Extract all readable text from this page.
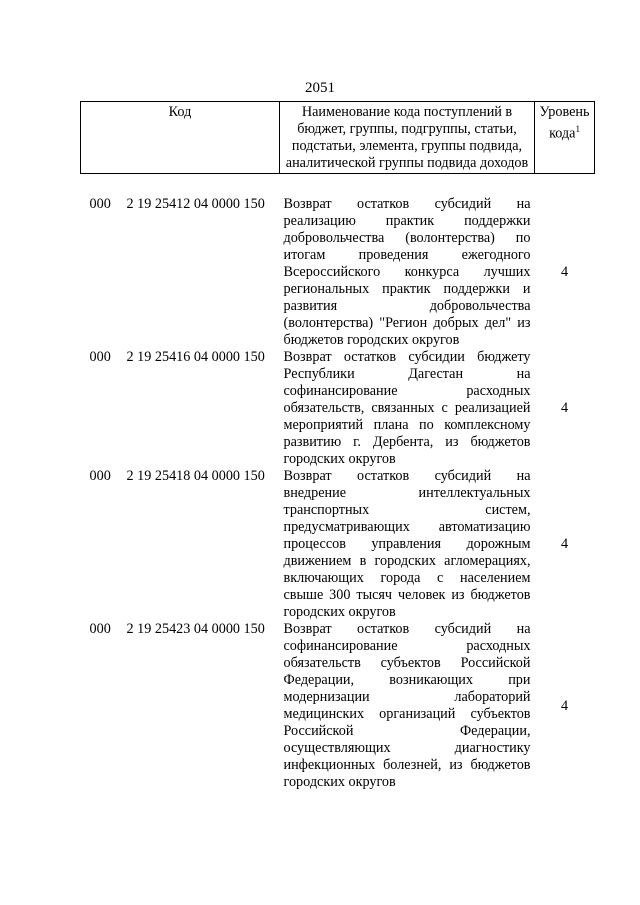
2051
Код	Наименование кода поступлений в бюджет, группы, подгруппы, статьи, подстатьи, элемента, группы подвида, аналитической группы подвида доходов	Уровень кода$^1$

000 2 19 25412 04 0000 150	Возврат остатков субсидий на реализацию практик поддержки добровольчества (волонтерства) по итогам проведения ежегодного Всероссийского конкурса лучших региональных практик поддержки и развития добровольчества (волонтерства) "Регион добрых дел" из бюджетов городских округов	4
000 2 19 25416 04 0000 150	Возврат остатков субсидии бюджету Республики Дагестан на софинансирование расходных обязательств, связанных с реализацией мероприятий плана по комплексному развитию г. Дербента, из бюджетов городских округов	4
000 2 19 25418 04 0000 150	Возврат остатков субсидий на внедрение интеллектуальных транспортных систем, предусматривающих автоматизацию процессов управления дорожным движением в городских агломерациях, включающих города с населением свыше 300 тысяч человек из бюджетов городских округов	4
000 2 19 25423 04 0000 150	Возврат остатков субсидий на софинансирование расходных обязательств субъектов Российской Федерации, возникающих при модернизации лабораторий медицинских организаций субъектов Российской Федерации, осуществляющих диагностику инфекционных болезней, из бюджетов городских округов	4
